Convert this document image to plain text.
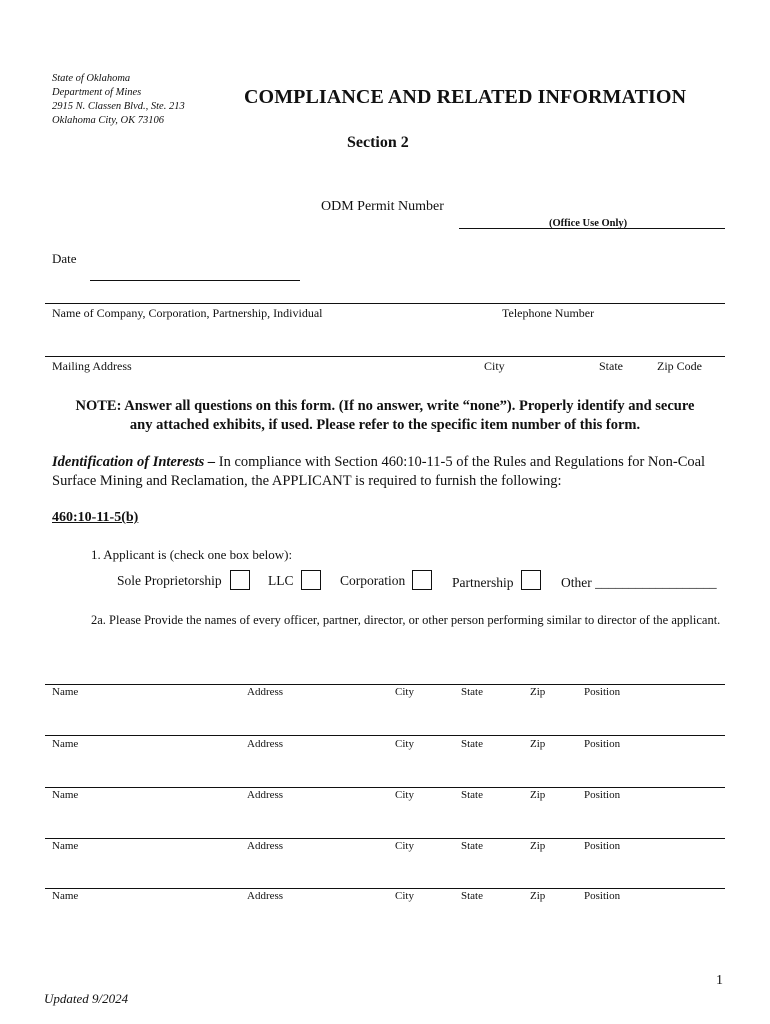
State of Oklahoma
Department of Mines
2915 N. Classen Blvd., Ste. 213
Oklahoma City, OK 73106
COMPLIANCE AND RELATED INFORMATION
Section 2
ODM Permit Number
(Office Use Only)
Date
Name of Company, Corporation, Partnership, Individual	Telephone Number
Mailing Address	City	State	Zip Code
NOTE: Answer all questions on this form. (If no answer, write “none”). Properly identify and secure
any attached exhibits, if used. Please refer to the specific item number of this form.
Identification of Interests – In compliance with Section 460:10-11-5 of the Rules and Regulations for Non-Coal Surface Mining and Reclamation, the APPLICANT is required to furnish the following:
460:10-11-5(b)
1. Applicant is (check one box below):
Sole Proprietorship	LLC	Corporation	Partnership	Other __________________
2a. Please Provide the names of every officer, partner, director, or other person performing similar to director of the applicant.
Name	Address	City	State	Zip	Position
Name	Address	City	State	Zip	Position
Name	Address	City	State	Zip	Position
Name	Address	City	State	Zip	Position
Name	Address	City	State	Zip	Position
1
Updated 9/2024
